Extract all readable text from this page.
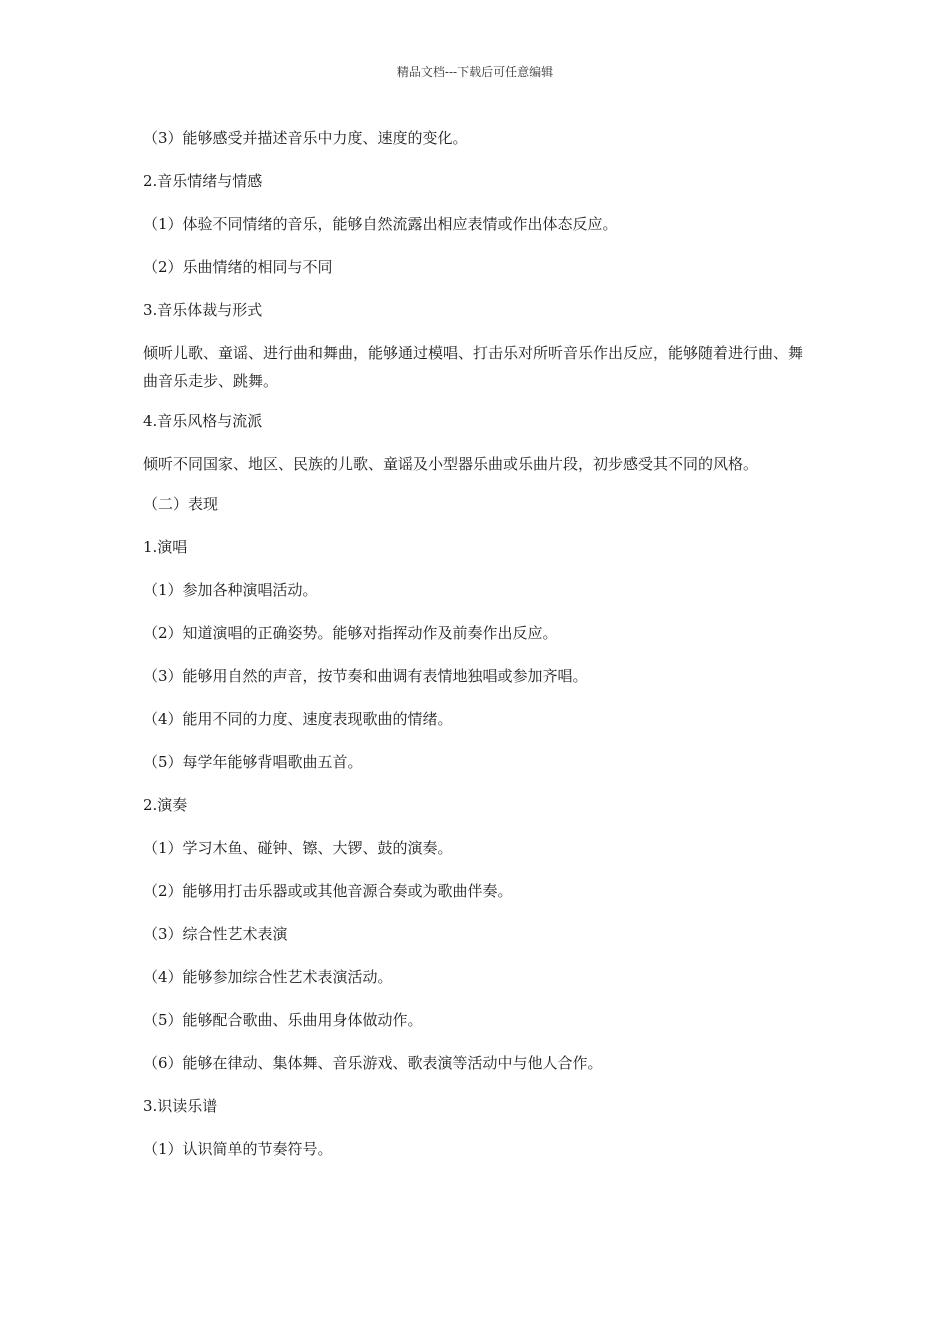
精品文档---下载后可任意编辑

（3）能够感受并描述音乐中力度、速度的变化。

2.音乐情绪与情感

（1）体验不同情绪的音乐，能够自然流露出相应表情或作出体态反应。

（2）乐曲情绪的相同与不同

3.音乐体裁与形式

倾听儿歌、童谣、进行曲和舞曲，能够通过模唱、打击乐对所听音乐作出反应，能够随着进行曲、舞曲音乐走步、跳舞。

4.音乐风格与流派

倾听不同国家、地区、民族的儿歌、童谣及小型器乐曲或乐曲片段，初步感受其不同的风格。

（二）表现

1.演唱

（1）参加各种演唱活动。

（2）知道演唱的正确姿势。能够对指挥动作及前奏作出反应。

（3）能够用自然的声音，按节奏和曲调有表情地独唱或参加齐唱。

（4）能用不同的力度、速度表现歌曲的情绪。

（5）每学年能够背唱歌曲五首。

2.演奏

（1）学习木鱼、碰钟、镲、大锣、鼓的演奏。

（2）能够用打击乐器或或其他音源合奏或为歌曲伴奏。

（3）综合性艺术表演

（4）能够参加综合性艺术表演活动。

（5）能够配合歌曲、乐曲用身体做动作。

（6）能够在律动、集体舞、音乐游戏、歌表演等活动中与他人合作。

3.识读乐谱

（1）认识简单的节奏符号。
